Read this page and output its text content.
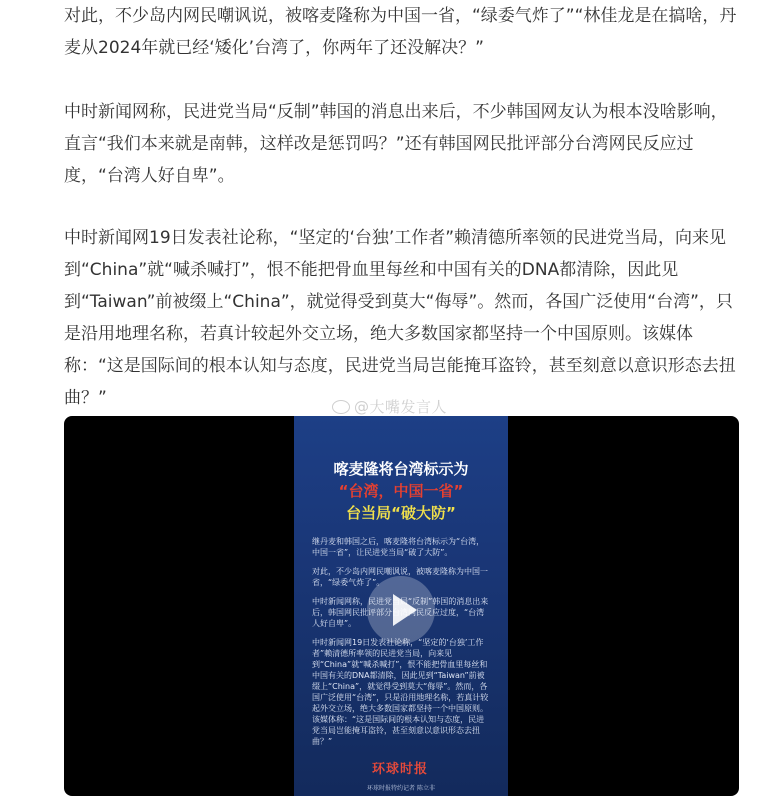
对此，不少岛内网民嘲讽说，被喀麦隆称为中国一省，“绿委气炸了”“林佳龙是在搞啥，丹麦从2024年就已经‘矮化’台湾了，你两年了还没解决？”

中时新闻网称，民进党当局“反制”韩国的消息出来后，不少韩国网友认为根本没啥影响，直言“我们本来就是南韩，这样改是惩罚吗？”还有韩国网民批评部分台湾网民反应过度，“台湾人好自卑”。

中时新闻网19日发表社论称，“坚定的‘台独’工作者”赖清德所率领的民进党当局，向来见到“China”就“喊杀喊打”，恨不能把骨血里每丝和中国有关的DNA都清除，因此见到“Taiwan”前被缀上“China”，就觉得受到莫大“侮辱”。然而，各国广泛使用“台湾”，只是沿用地理名称，若真计较起外交立场，绝大多数国家都坚持一个中国原则。该媒体称：“这是国际间的根本认知与态度，民进党当局岂能掩耳盗铃，甚至刻意以意识形态去扭曲？”
	@大嘴发言人
喀麦隆将台湾标示为
“台湾，中国一省”
台当局“破大防”

继丹麦和韩国之后，喀麦隆将台湾标示为“台湾，中国一省”，让民进党当局“破了大防”。

对此，不少岛内网民嘲讽说，被喀麦隆称为中国一省，“绿委气炸了”。

中时新闻网称，民进党当局“反制”韩国的消息出来后，韩国网民批评部分台湾网民反应过度，“台湾人好自卑”。

中时新闻网19日发表社论称，“坚定的‘台独’工作者”赖清德所率领的民进党当局，向来见到“China”就“喊杀喊打”，恨不能把骨血里每丝和中国有关的DNA都清除，因此见到“Taiwan”前被缀上“China”，就觉得受到莫大“侮辱”。然而，各国广泛使用“台湾”，只是沿用地理名称，若真计较起外交立场，绝大多数国家都坚持一个中国原则。该媒体称：“这是国际间的根本认知与态度，民进党当局岂能掩耳盗铃，甚至刻意以意识形态去扭曲？”

环球时报
环球时报特约记者 陈立非
